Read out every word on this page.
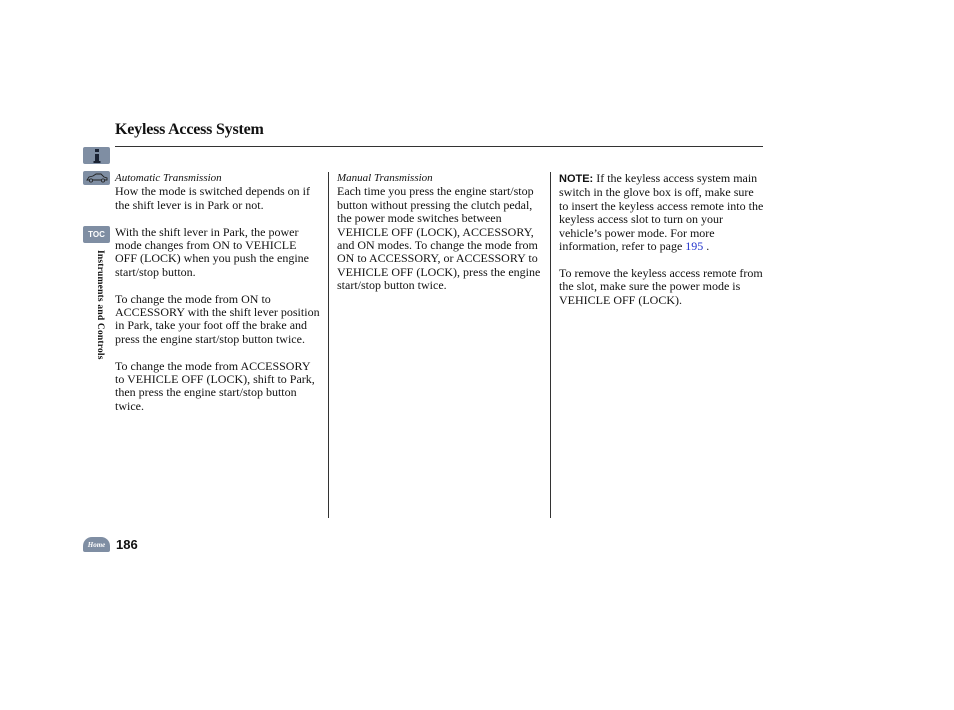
Keyless Access System
TOC
Instruments and Controls
Automatic Transmission

How the mode is switched depends on if the shift lever is in Park or not.

With the shift lever in Park, the power mode changes from ON to VEHICLE OFF (LOCK) when you push the engine start/stop button.

To change the mode from ON to ACCESSORY with the shift lever position in Park, take your foot off the brake and press the engine start/stop button twice.

To change the mode from ACCESSORY to VEHICLE OFF (LOCK), shift to Park, then press the engine start/stop button twice.

Manual Transmission

Each time you press the engine start/stop button without pressing the clutch pedal, the power mode switches between VEHICLE OFF (LOCK), ACCESSORY, and ON modes. To change the mode from ON to ACCESSORY, or ACCESSORY to VEHICLE OFF (LOCK), press the engine start/stop button twice.

NOTE: If the keyless access system main switch in the glove box is off, make sure to insert the keyless access remote into the keyless access slot to turn on your vehicle’s power mode. For more information, refer to page 195 .

To remove the keyless access remote from the slot, make sure the power mode is VEHICLE OFF (LOCK).

Home 186
